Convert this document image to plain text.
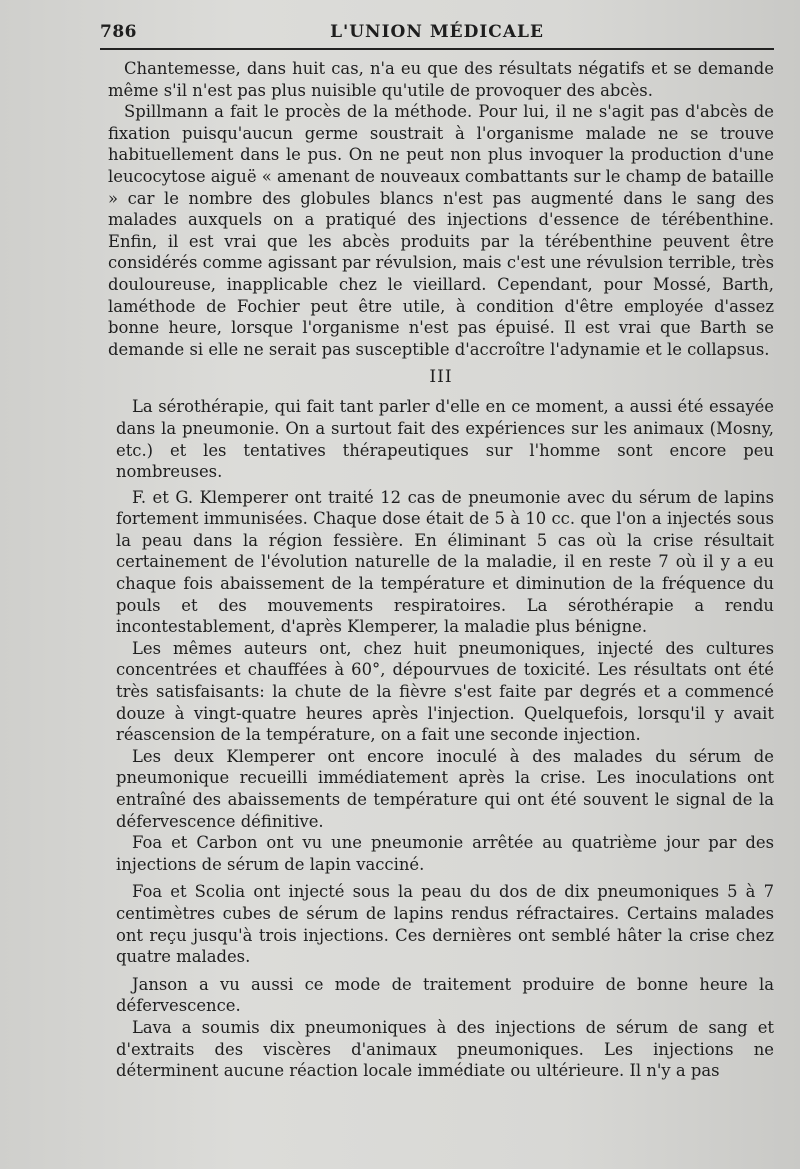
786	L'UNION MÉDICALE

Chantemesse, dans huit cas, n'a eu que des résultats négatifs et se demande même s'il n'est pas plus nuisible qu'utile de provoquer des abcès.

Spillmann a fait le procès de la méthode. Pour lui, il ne s'agit pas d'abcès de fixation puisqu'aucun germe soustrait à l'organisme malade ne se trouve habituellement dans le pus. On ne peut non plus invoquer la production d'une leucocytose aiguë « amenant de nouveaux combattants sur le champ de bataille » car le nombre des globules blancs n'est pas augmenté dans le sang des malades auxquels on a pratiqué des injections d'essence de térébenthine. Enfin, il est vrai que les abcès produits par la térébenthine peuvent être considérés comme agissant par révulsion, mais c'est une révulsion terrible, très douloureuse, inapplicable chez le vieillard. Cependant, pour Mossé, Barth, laméthode de Fochier peut être utile, à condition d'être employée d'assez bonne heure, lorsque l'organisme n'est pas épuisé. Il est vrai que Barth se demande si elle ne serait pas susceptible d'accroître l'adynamie et le collapsus.

III

La sérothérapie, qui fait tant parler d'elle en ce moment, a aussi été essayée dans la pneumonie. On a surtout fait des expériences sur les animaux (Mosny, etc.) et les tentatives thérapeutiques sur l'homme sont encore peu nombreuses.

F. et G. Klemperer ont traité 12 cas de pneumonie avec du sérum de lapins fortement immunisées. Chaque dose était de 5 à 10 cc. que l'on a injectés sous la peau dans la région fessière. En éliminant 5 cas où la crise résultait certainement de l'évolution naturelle de la maladie, il en reste 7 où il y a eu chaque fois abaissement de la température et diminution de la fréquence du pouls et des mouvements respiratoires. La sérothérapie a rendu incontestablement, d'après Klemperer, la maladie plus bénigne.

Les mêmes auteurs ont, chez huit pneumoniques, injecté des cultures concentrées et chauffées à 60°, dépourvues de toxicité. Les résultats ont été très satisfaisants: la chute de la fièvre s'est faite par degrés et a commencé douze à vingt-quatre heures après l'injection. Quelquefois, lorsqu'il y avait réascension de la température, on a fait une seconde injection.

Les deux Klemperer ont encore inoculé à des malades du sérum de pneumonique recueilli immédiatement après la crise. Les inoculations ont entraîné des abaissements de température qui ont été souvent le signal de la défervescence définitive.

Foa et Carbon ont vu une pneumonie arrêtée au quatrième jour par des injections de sérum de lapin vacciné.

Foa et Scolia ont injecté sous la peau du dos de dix pneumoniques 5 à 7 centimètres cubes de sérum de lapins rendus réfractaires. Certains malades ont reçu jusqu'à trois injections. Ces dernières ont semblé hâter la crise chez quatre malades.

Janson a vu aussi ce mode de traitement produire de bonne heure la défervescence.

Lava a soumis dix pneumoniques à des injections de sérum de sang et d'extraits des viscères d'animaux pneumoniques. Les injections ne déterminent aucune réaction locale immédiate ou ultérieure. Il n'y a pas
